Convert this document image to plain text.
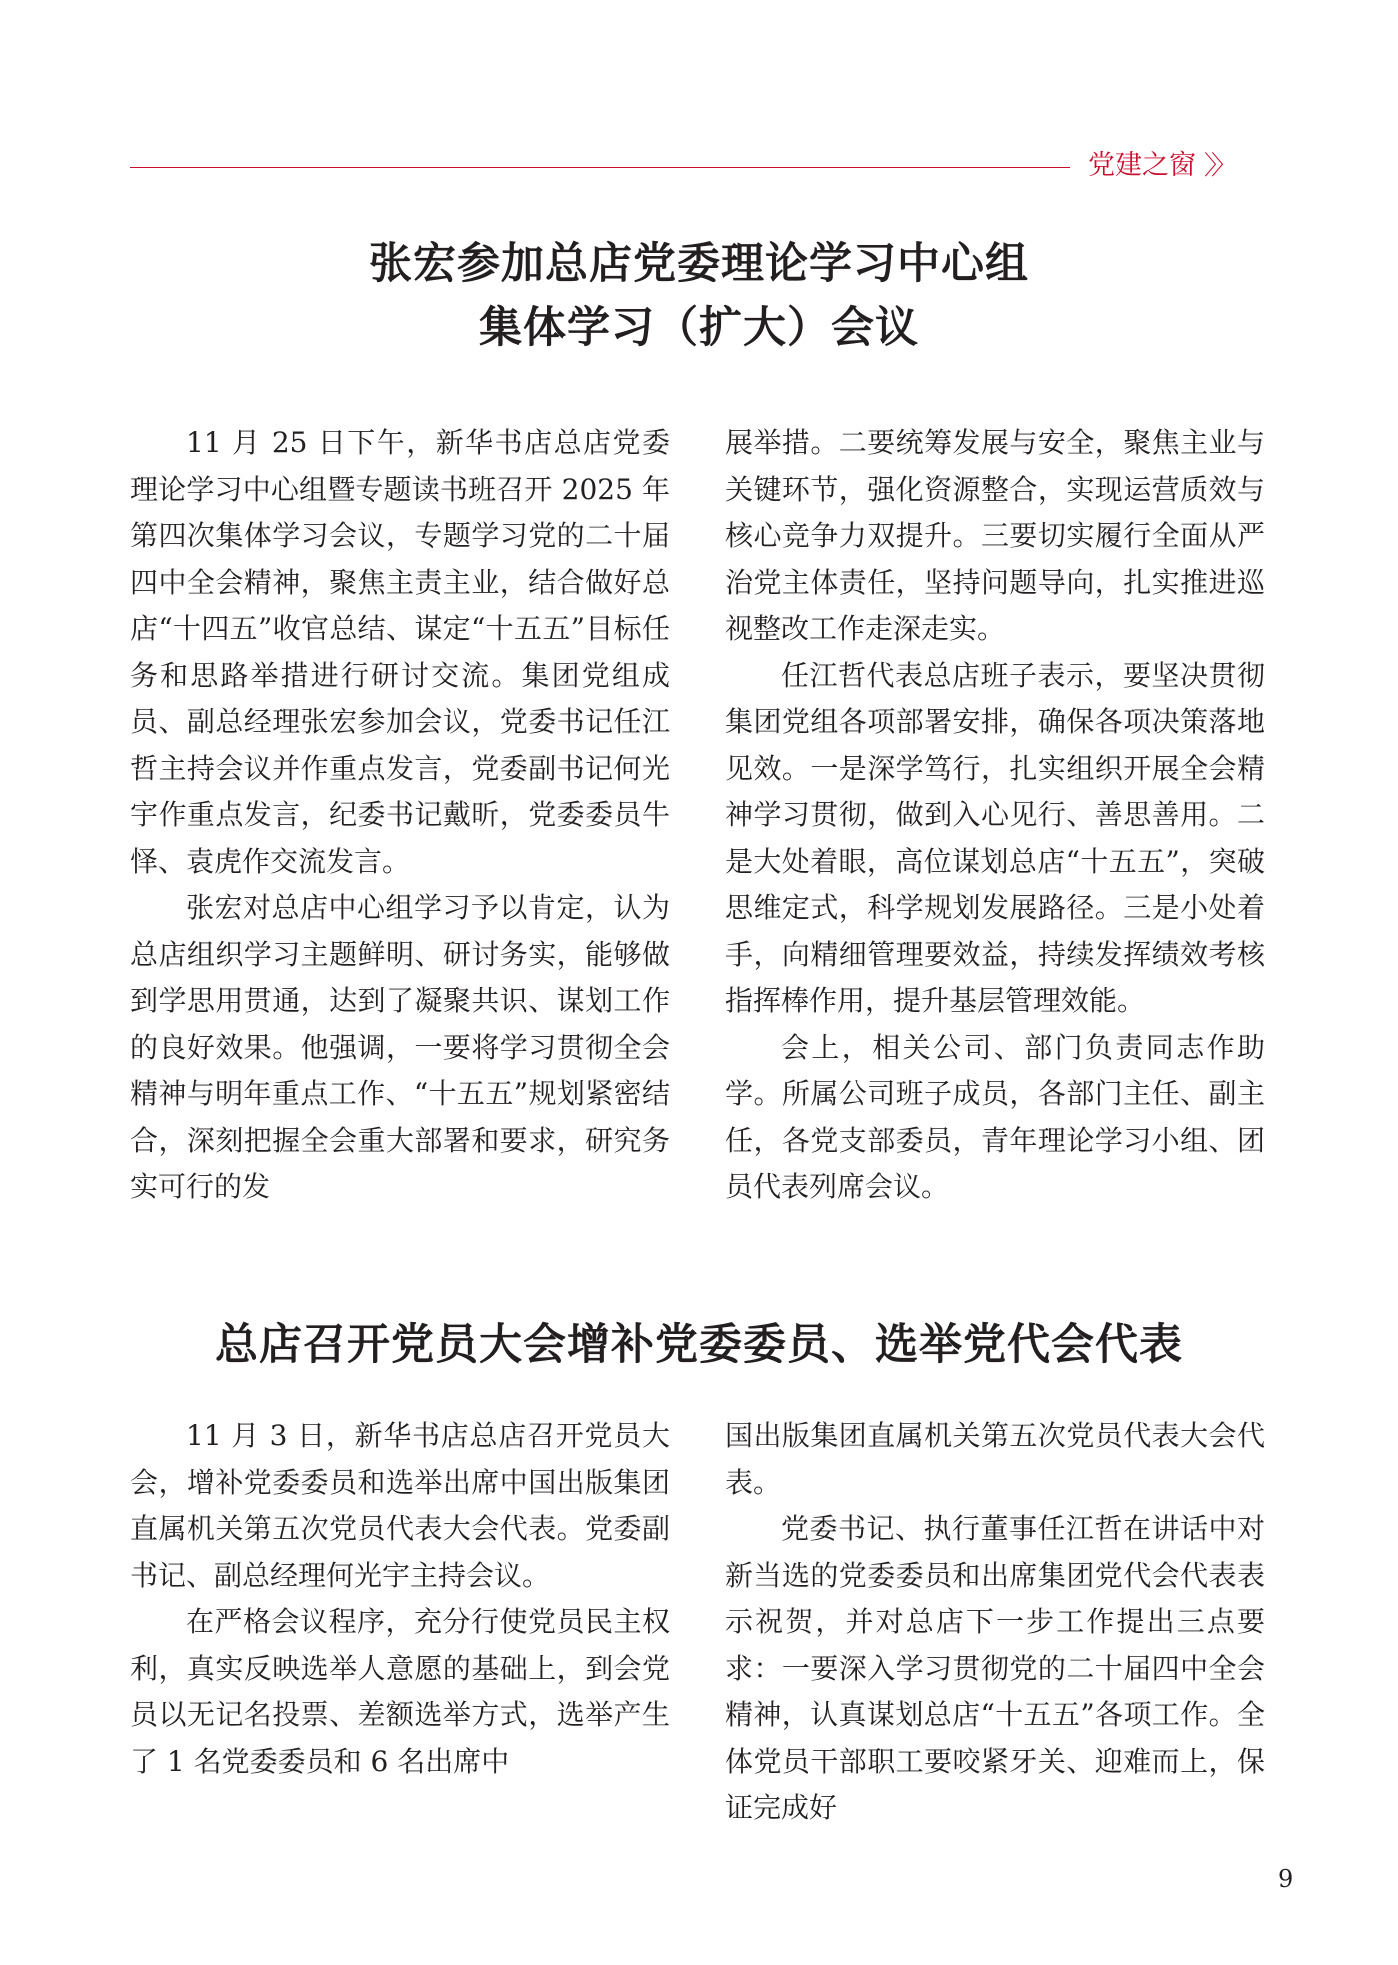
党建之窗 〉〉
张宏参加总店党委理论学习中心组
集体学习（扩大）会议

11 月 25 日下午，新华书店总店党委理论学习中心组暨专题读书班召开 2025 年第四次集体学习会议，专题学习党的二十届四中全会精神，聚焦主责主业，结合做好总店“十四五”收官总结、谋定“十五五”目标任务和思路举措进行研讨交流。集团党组成员、副总经理张宏参加会议，党委书记任江哲主持会议并作重点发言，党委副书记何光宇作重点发言，纪委书记戴昕，党委委员牛怿、袁虎作交流发言。

张宏对总店中心组学习予以肯定，认为总店组织学习主题鲜明、研讨务实，能够做到学思用贯通，达到了凝聚共识、谋划工作的良好效果。他强调，一要将学习贯彻全会精神与明年重点工作、“十五五”规划紧密结合，深刻把握全会重大部署和要求，研究务实可行的发

展举措。二要统筹发展与安全，聚焦主业与关键环节，强化资源整合，实现运营质效与核心竞争力双提升。三要切实履行全面从严治党主体责任，坚持问题导向，扎实推进巡视整改工作走深走实。

任江哲代表总店班子表示，要坚决贯彻集团党组各项部署安排，确保各项决策落地见效。一是深学笃行，扎实组织开展全会精神学习贯彻，做到入心见行、善思善用。二是大处着眼，高位谋划总店“十五五”，突破思维定式，科学规划发展路径。三是小处着手，向精细管理要效益，持续发挥绩效考核指挥棒作用，提升基层管理效能。

会上，相关公司、部门负责同志作助学。所属公司班子成员，各部门主任、副主任，各党支部委员，青年理论学习小组、团员代表列席会议。

总店召开党员大会增补党委委员、选举党代会代表

11 月 3 日，新华书店总店召开党员大会，增补党委委员和选举出席中国出版集团直属机关第五次党员代表大会代表。党委副书记、副总经理何光宇主持会议。

在严格会议程序，充分行使党员民主权利，真实反映选举人意愿的基础上，到会党员以无记名投票、差额选举方式，选举产生了 1 名党委委员和 6 名出席中

国出版集团直属机关第五次党员代表大会代表。

党委书记、执行董事任江哲在讲话中对新当选的党委委员和出席集团党代会代表表示祝贺，并对总店下一步工作提出三点要求：一要深入学习贯彻党的二十届四中全会精神，认真谋划总店“十五五”各项工作。全体党员干部职工要咬紧牙关、迎难而上，保证完成好

9
